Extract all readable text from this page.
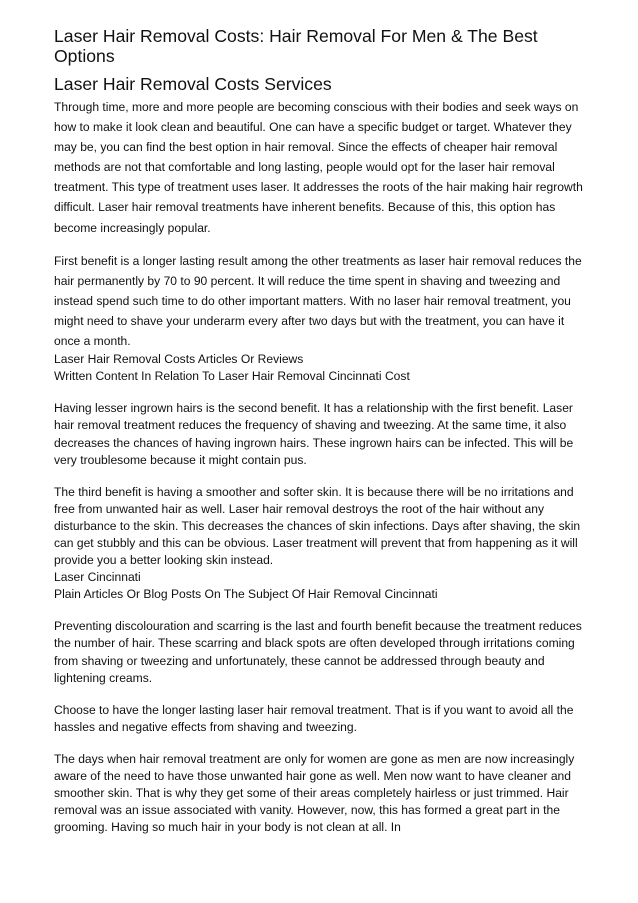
Laser Hair Removal Costs: Hair Removal For Men & The Best Options
Laser Hair Removal Costs Services

Through time, more and more people are becoming conscious with their bodies and seek ways on how to make it look clean and beautiful. One can have a specific budget or target. Whatever they may be, you can find the best option in hair removal. Since the effects of cheaper hair removal methods are not that comfortable and long lasting, people would opt for the laser hair removal treatment. This type of treatment uses laser. It addresses the roots of the hair making hair regrowth difficult. Laser hair removal treatments have inherent benefits. Because of this, this option has become increasingly popular.

First benefit is a longer lasting result among the other treatments as laser hair removal reduces the hair permanently by 70 to 90 percent. It will reduce the time spent in shaving and tweezing and instead spend such time to do other important matters. With no laser hair removal treatment, you might need to shave your underarm every after two days but with the treatment, you can have it once a month.

Laser Hair Removal Costs Articles Or Reviews

Written Content In Relation To Laser Hair Removal Cincinnati Cost

Having lesser ingrown hairs is the second benefit. It has a relationship with the first benefit. Laser hair removal treatment reduces the frequency of shaving and tweezing. At the same time, it also decreases the chances of having ingrown hairs. These ingrown hairs can be infected. This will be very troublesome because it might contain pus.

The third benefit is having a smoother and softer skin. It is because there will be no irritations and free from unwanted hair as well. Laser hair removal destroys the root of the hair without any disturbance to the skin. This decreases the chances of skin infections. Days after shaving, the skin can get stubbly and this can be obvious. Laser treatment will prevent that from happening as it will provide you a better looking skin instead.

Laser Cincinnati

Plain Articles Or Blog Posts On The Subject Of Hair Removal Cincinnati

Preventing discolouration and scarring is the last and fourth benefit because the treatment reduces the number of hair. These scarring and black spots are often developed through irritations coming from shaving or tweezing and unfortunately, these cannot be addressed through beauty and lightening creams.

Choose to have the longer lasting laser hair removal treatment. That is if you want to avoid all the hassles and negative effects from shaving and tweezing.

The days when hair removal treatment are only for women are gone as men are now increasingly aware of the need to have those unwanted hair gone as well. Men now want to have cleaner and smoother skin. That is why they get some of their areas completely hairless or just trimmed. Hair removal was an issue associated with vanity. However, now, this has formed a great part in the grooming. Having so much hair in your body is not clean at all. In
